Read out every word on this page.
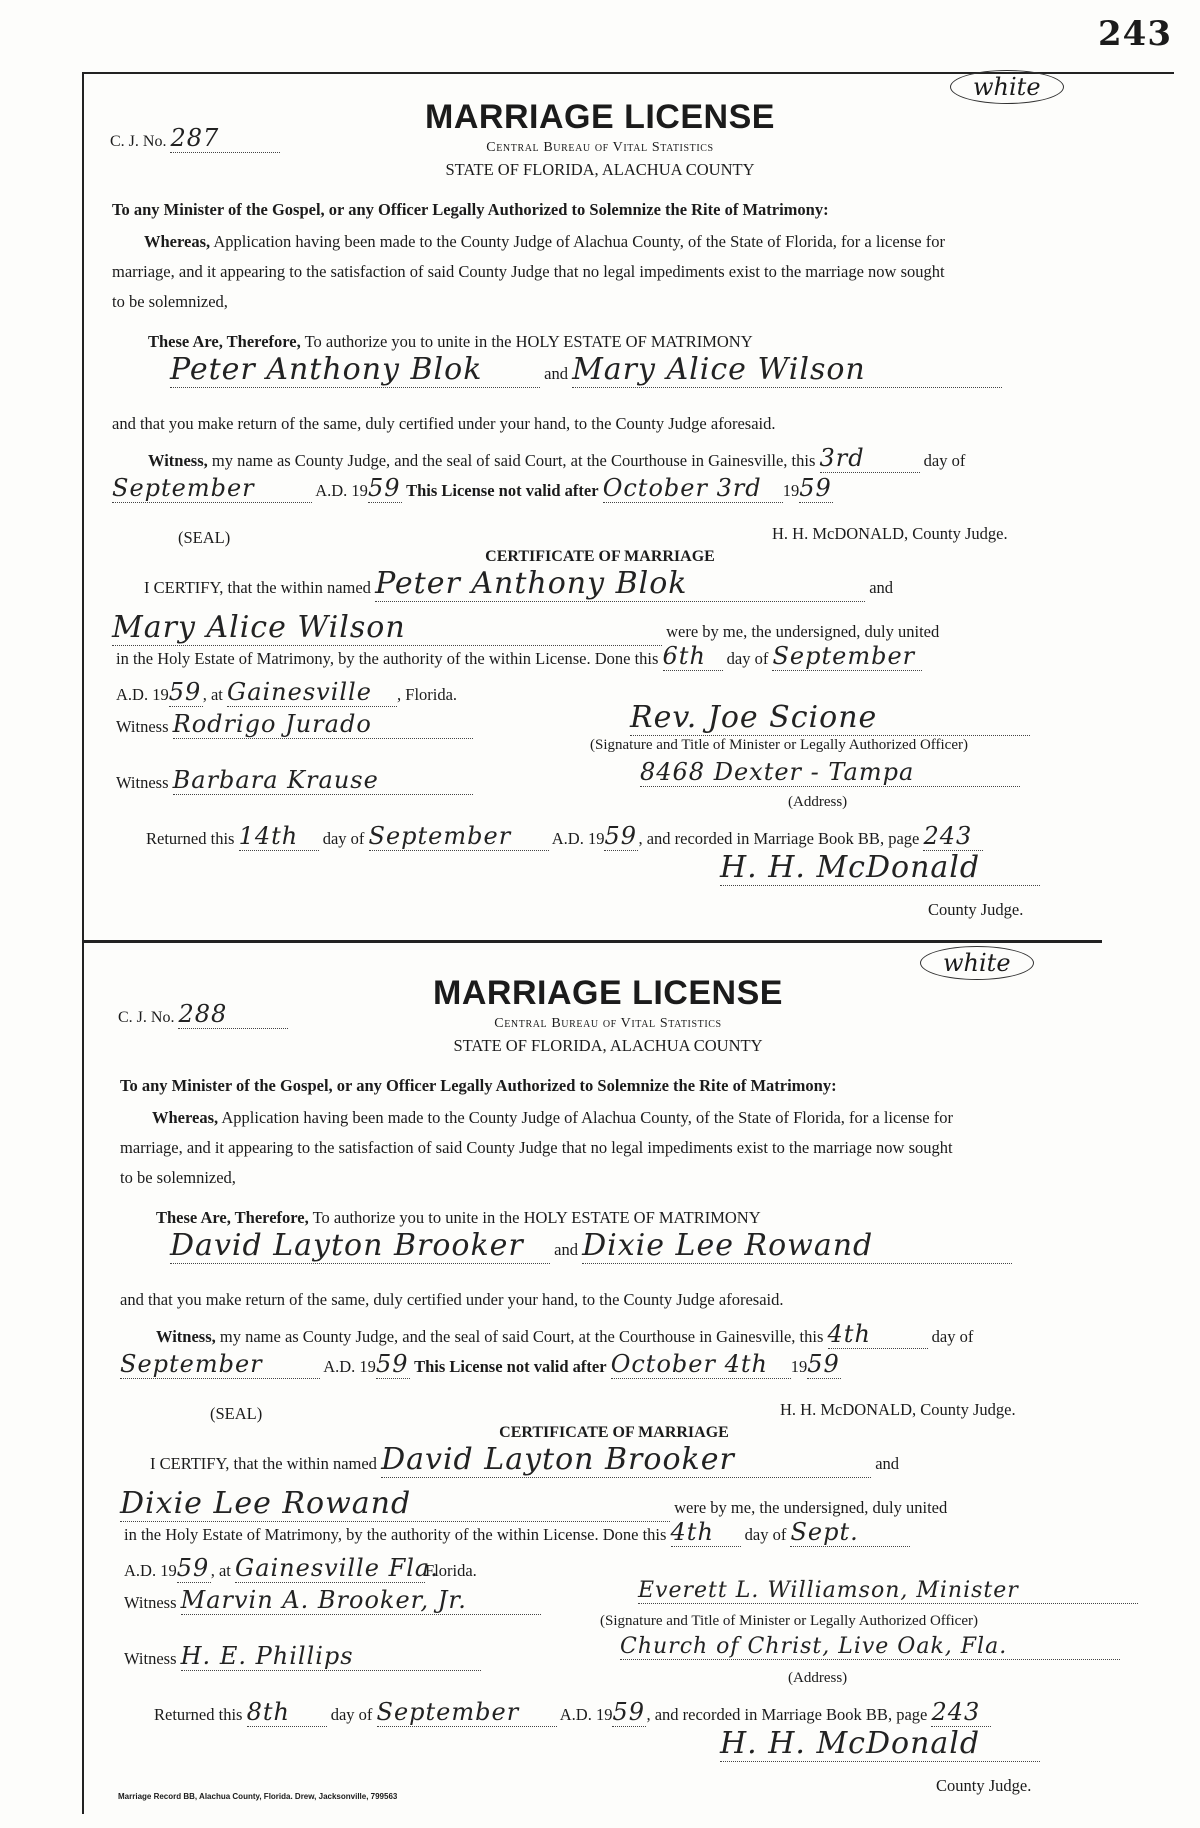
243
white
C. J. No. 287
MARRIAGE LICENSE
Central Bureau of Vital Statistics
STATE OF FLORIDA, ALACHUA COUNTY
To any Minister of the Gospel, or any Officer Legally Authorized to Solemnize the Rite of Matrimony:
Whereas, Application having been made to the County Judge of Alachua County, of the State of Florida, for a license for
marriage, and it appearing to the satisfaction of said County Judge that no legal impediments exist to the marriage now sought
to be solemnized,
These Are, Therefore, To authorize you to unite in the HOLY ESTATE OF MATRIMONY
Peter Anthony Blok	and Mary Alice Wilson
and that you make return of the same, duly certified under your hand, to the County Judge aforesaid.
Witness, my name as County Judge, and the seal of said Court, at the Courthouse in Gainesville, this 3rd	day of
September	A.D. 1959 This License not valid after October 3rd 1959
(SEAL)	H. H. McDONALD, County Judge.
CERTIFICATE OF MARRIAGE
I CERTIFY, that the within named Peter Anthony Blok	and
Mary Alice Wilson	were by me, the undersigned, duly united
in the Holy Estate of Matrimony, by the authority of the within License. Done this 6th day of September
A.D. 1959, at Gainesville , Florida.
Witness Rodrigo Jurado	Rev. Joe Scione
(Signature and Title of Minister or Legally Authorized Officer)
Witness Barbara Krause	8468 Dexter - Tampa
(Address)
Returned this 14th day of September A.D. 1959, and recorded in Marriage Book BB, page 243
H. H. McDonald
County Judge.
white
C. J. No. 288
MARRIAGE LICENSE
Central Bureau of Vital Statistics
STATE OF FLORIDA, ALACHUA COUNTY
To any Minister of the Gospel, or any Officer Legally Authorized to Solemnize the Rite of Matrimony:
Whereas, Application having been made to the County Judge of Alachua County, of the State of Florida, for a license for
marriage, and it appearing to the satisfaction of said County Judge that no legal impediments exist to the marriage now sought
to be solemnized,
These Are, Therefore, To authorize you to unite in the HOLY ESTATE OF MATRIMONY
David Layton Brooker and Dixie Lee Rowand
and that you make return of the same, duly certified under your hand, to the County Judge aforesaid.
Witness, my name as County Judge, and the seal of said Court, at the Courthouse in Gainesville, this 4th	day of
September	A.D. 1959 This License not valid after October 4th 1959
(SEAL)	H. H. McDONALD, County Judge.
CERTIFICATE OF MARRIAGE
I CERTIFY, that the within named David Layton Brooker	and
Dixie Lee Rowand	were by me, the undersigned, duly united
in the Holy Estate of Matrimony, by the authority of the within License. Done this 4th day of Sept.
A.D. 1959, at Gainesville Fla.Florida.
Witness Marvin A. Brooker, Jr.	Everett L. Williamson, Minister
(Signature and Title of Minister or Legally Authorized Officer)
Witness H. E. Phillips	Church of Christ, Live Oak, Fla.
(Address)
Returned this 8th day of September A.D. 1959, and recorded in Marriage Book BB, page 243
H. H. McDonald
County Judge.
Marriage Record BB, Alachua County, Florida. Drew, Jacksonville, 799563
